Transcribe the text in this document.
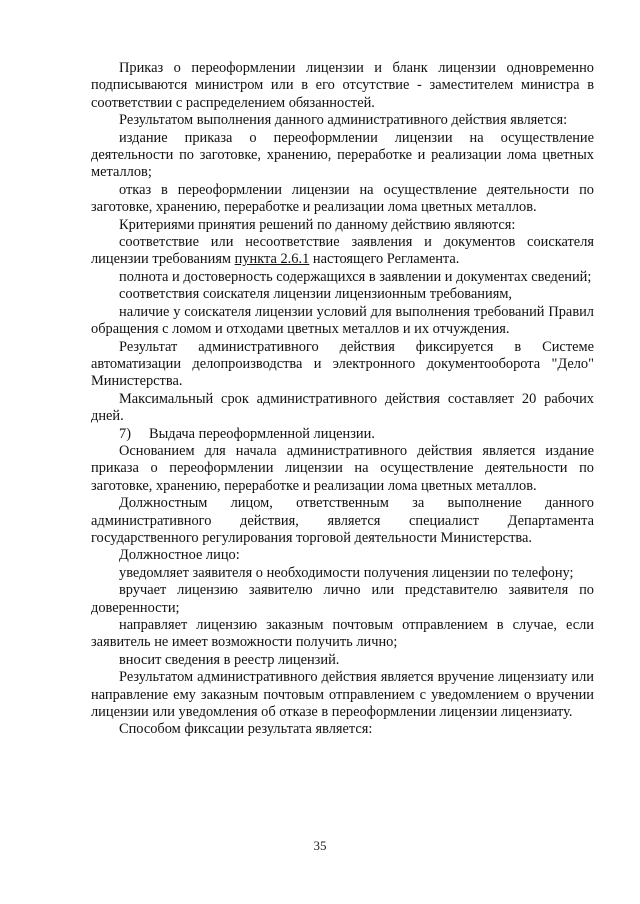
Приказ о переоформлении лицензии и бланк лицензии одновременно подписываются министром или в его отсутствие - заместителем министра в соответствии с распределением обязанностей.

Результатом выполнения данного административного действия является:

издание приказа о переоформлении лицензии на осуществление деятельности по заготовке, хранению, переработке и реализации лома цветных металлов;

отказ в переоформлении лицензии на осуществление деятельности по заготовке, хранению, переработке и реализации лома цветных металлов.

Критериями принятия решений по данному действию являются:

соответствие или несоответствие заявления и документов соискателя лицензии требованиям пункта 2.6.1 настоящего Регламента.

полнота и достоверность содержащихся в заявлении и документах сведений;

соответствия соискателя лицензии лицензионным требованиям,

наличие у соискателя лицензии условий для выполнения требований Правил обращения с ломом и отходами цветных металлов и их отчуждения.

Результат административного действия фиксируется в Системе автоматизации делопроизводства и электронного документооборота "Дело" Министерства.

Максимальный срок административного действия составляет 20 рабочих дней.

7) Выдача переоформленной лицензии.

Основанием для начала административного действия является издание приказа о переоформлении лицензии на осуществление деятельности по заготовке, хранению, переработке и реализации лома цветных металлов.

Должностным лицом, ответственным за выполнение данного административного действия, является специалист Департамента государственного регулирования торговой деятельности Министерства.

Должностное лицо:

уведомляет заявителя о необходимости получения лицензии по телефону;

вручает лицензию заявителю лично или представителю заявителя по доверенности;

направляет лицензию заказным почтовым отправлением в случае, если заявитель не имеет возможности получить лично;

вносит сведения в реестр лицензий.

Результатом административного действия является вручение лицензиату или направление ему заказным почтовым отправлением с уведомлением о вручении лицензии или уведомления об отказе в переоформлении лицензии лицензиату.

Способом фиксации результата является:

35
